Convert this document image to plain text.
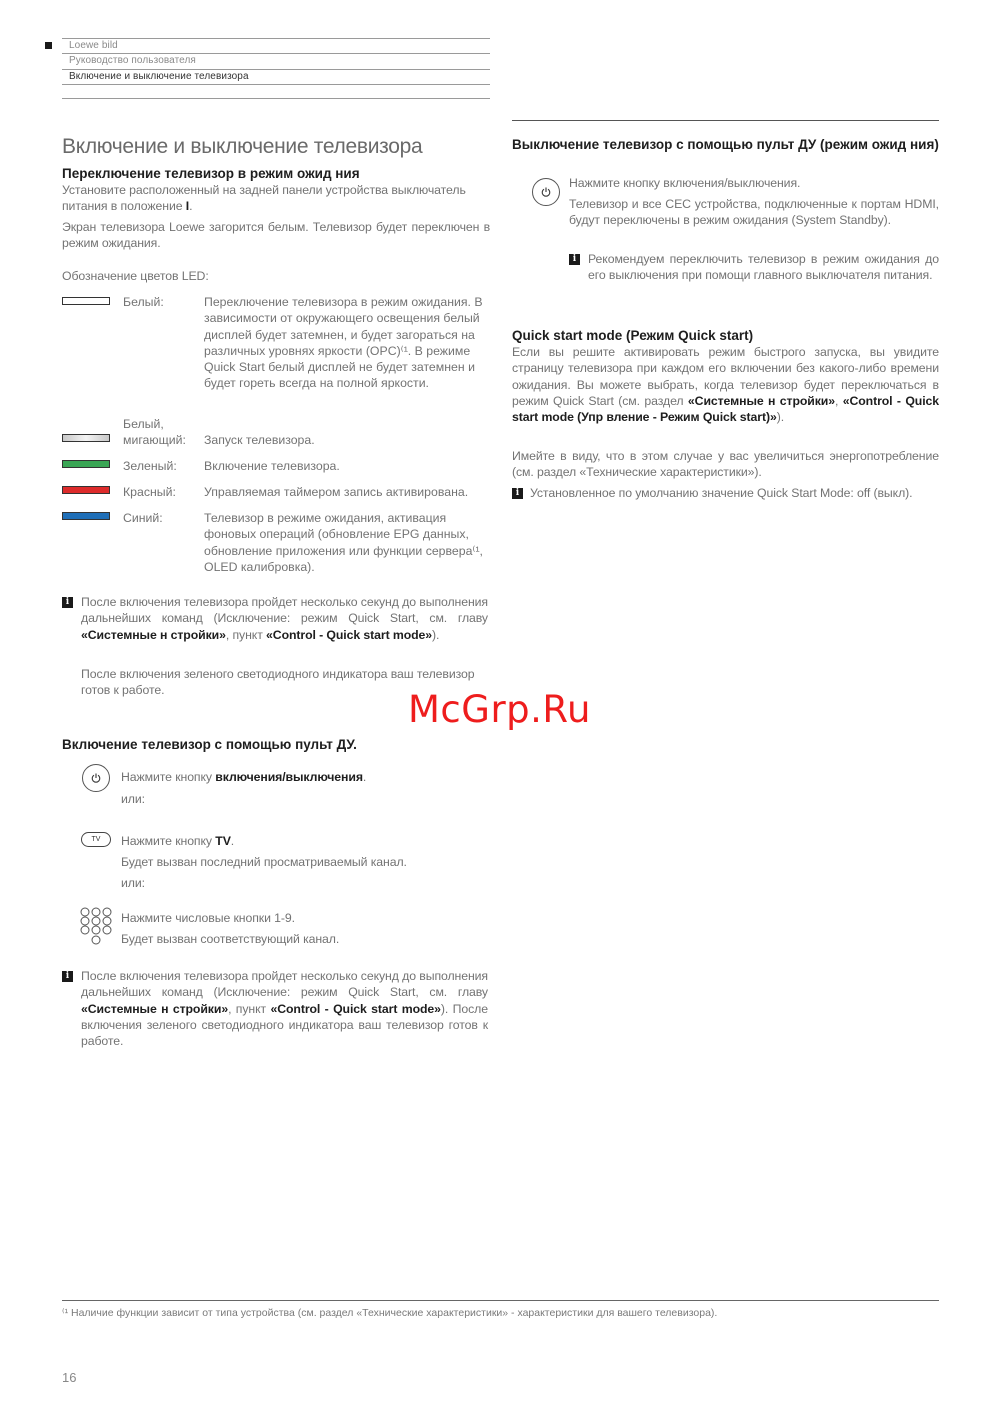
Loewe bild
Руководство пользователя
Включение и выключение телевизора
Включение и выключение телевизора
Переключение телевизор в режим ожид ния
Установите расположенный на задней панели устройства выключатель
питания в положение I.
Экран телевизора Loewe загорится белым. Телевизор будет переключен в режим ожидания.
Обозначение цветов LED:
Белый:	Переключение телевизора в режим ожидания. В зависимости от окружающего освещения белый дисплей будет затемнен, и будет загораться на различных уровнях яркости (OPC)⁽¹. В режиме Quick Start белый дисплей не будет затемнен и будет гореть всегда на полной яркости.
Белый, мигающий:	Запуск телевизора.
Зеленый: Включение телевизора.
Красный: Управляемая таймером запись активирована.
Синий:	Телевизор в режиме ожидания, активация фоновых операций (обновление EPG данных, обновление приложения или функции сервера⁽¹, OLED калибровка).
i После включения телевизора пройдет несколько секунд до выполнения дальнейших команд (Исключение: режим Quick Start, см. главу «Системные н стройки», пункт «Control - Quick start mode»).
После включения зеленого светодиодного индикатора ваш телевизор готов к работе.
Включение телевизор с помощью пульт ДУ.
Нажмите кнопку включения/выключения.
или:
TV	Нажмите кнопку TV.
Будет вызван последний просматриваемый канал.
или:
Нажмите числовые кнопки 1-9.
Будет вызван соответствующий канал.
i После включения телевизора пройдет несколько секунд до выполнения дальнейших команд (Исключение: режим Quick Start, см. главу «Системные н стройки», пункт «Control - Quick start mode»). После включения зеленого светодиодного индикатора ваш телевизор готов к работе.
Выключение телевизор с помощью пульт ДУ (режим ожид ния)
Нажмите кнопку включения/выключения.
Телевизор и все CEC устройства, подключенные к портам HDMI, будут переключены в режим ожидания (System Standby).
i Рекомендуем переключить телевизор в режим ожидания до его выключения при помощи главного выключателя питания.
Quick start mode (Режим Quick start)
Если вы решите активировать режим быстрого запуска, вы увидите страницу телевизора при каждом его включении без какого-либо времени ожидания. Вы можете выбрать, когда телевизор будет переключаться в режим Quick Start (см. раздел «Системные н стройки», «Control - Quick start mode (Упр вление - Режим Quick start)»).
Имейте в виду, что в этом случае у вас увеличиться энергопотребление (см. раздел «Технические характеристики»).
i Установленное по умолчанию значение Quick Start Mode: off (выкл).
McGrp.Ru
⁽¹ Наличие функции зависит от типа устройства (см. раздел «Технические характеристики» - характеристики для вашего телевизора).
16
